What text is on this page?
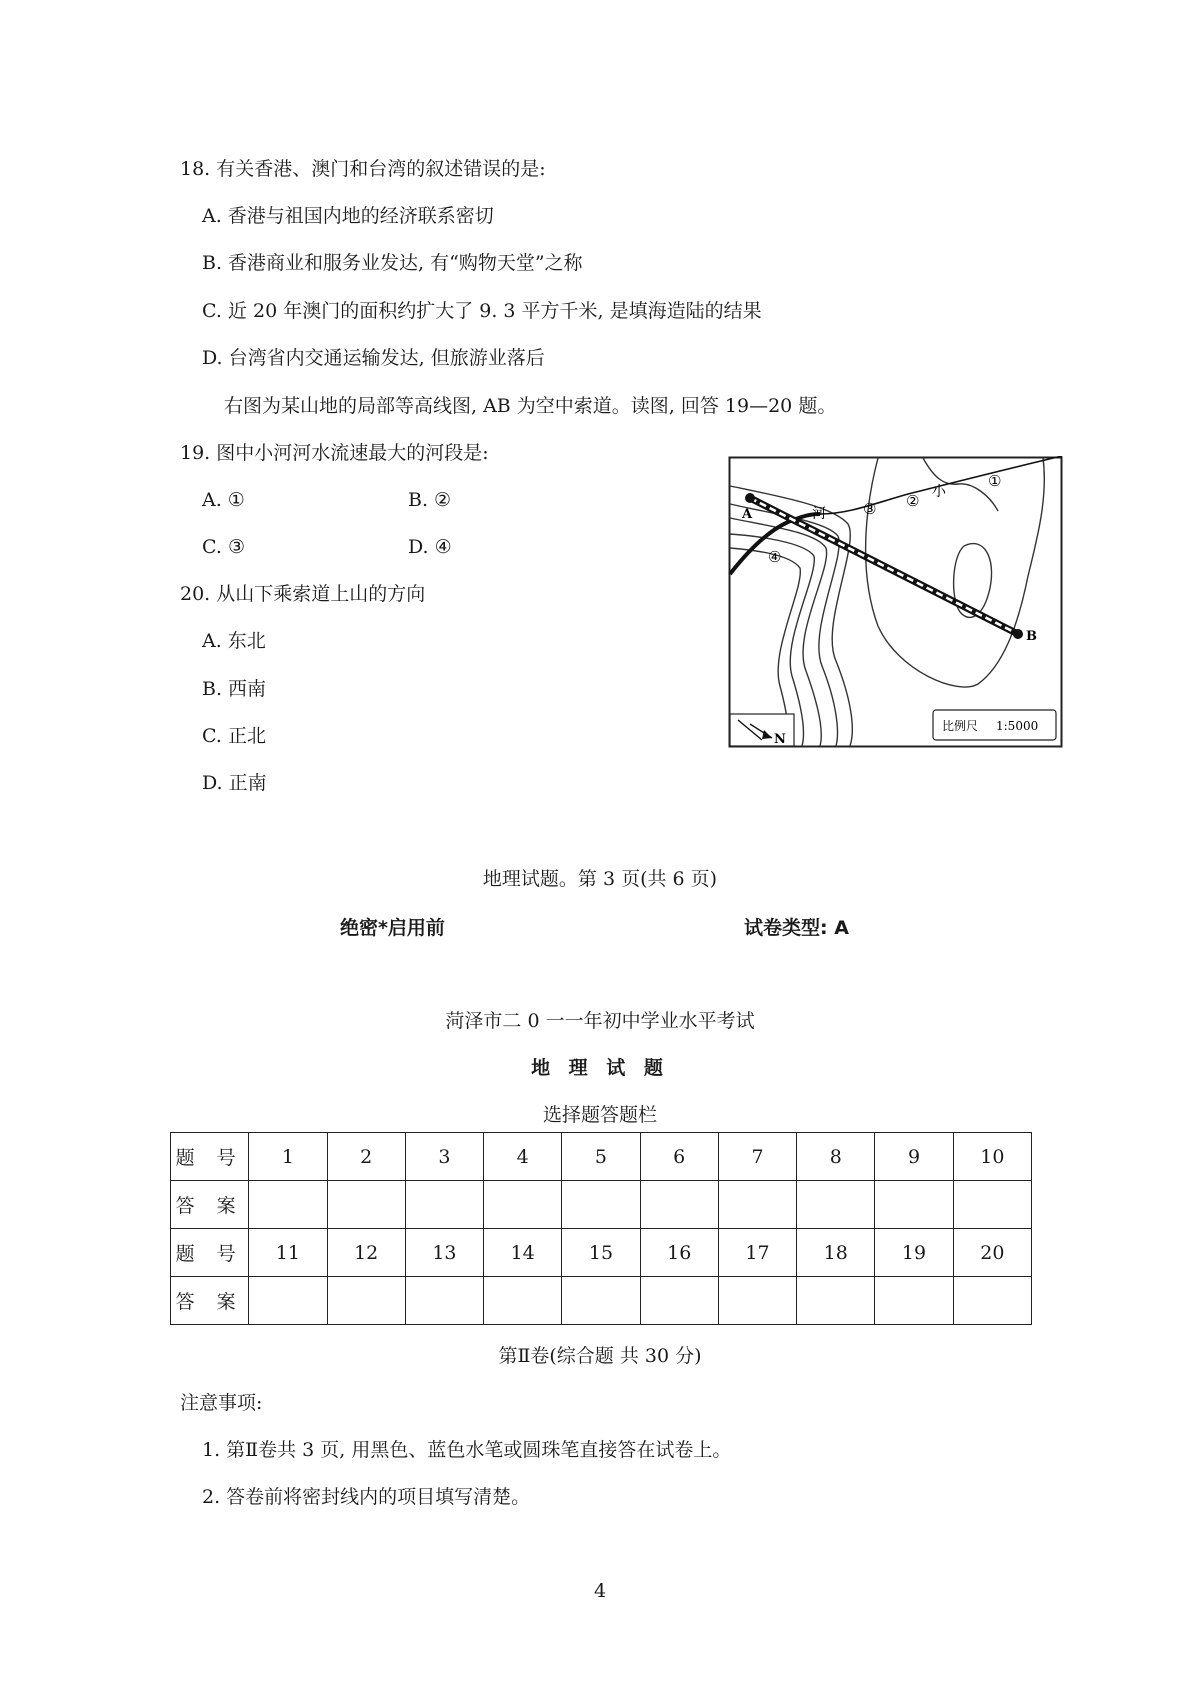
18. 有关香港、澳门和台湾的叙述错误的是:
A. 香港与祖国内地的经济联系密切
B. 香港商业和服务业发达, 有“购物天堂”之称
C. 近 20 年澳门的面积约扩大了 9. 3 平方千米, 是填海造陆的结果
D. 台湾省内交通运输发达, 但旅游业落后
右图为某山地的局部等高线图, AB 为空中索道。读图, 回答 19—20 题。
19. 图中小河河水流速最大的河段是:
A. ①	B. ②
C. ③	D. ④
20. 从山下乘索道上山的方向
A. 东北
B. 西南
C. 正北
D. 正南
A
B
小
河
①
②
③
④
N
比例尺 1:5000
地理试题。第 3 页(共 6 页)
绝密*启用前	试卷类型: A
菏泽市二 0 一一年初中学业水平考试
地 理 试 题
选择题答题栏
题 号	1	2	3	4	5	6	7	8	9	10
答 案										
题 号	11	12	13	14	15	16	17	18	19	20
答 案										
第Ⅱ卷(综合题 共 30 分)
注意事项:
1. 第Ⅱ卷共 3 页, 用黑色、蓝色水笔或圆珠笔直接答在试卷上。
2. 答卷前将密封线内的项目填写清楚。
4
